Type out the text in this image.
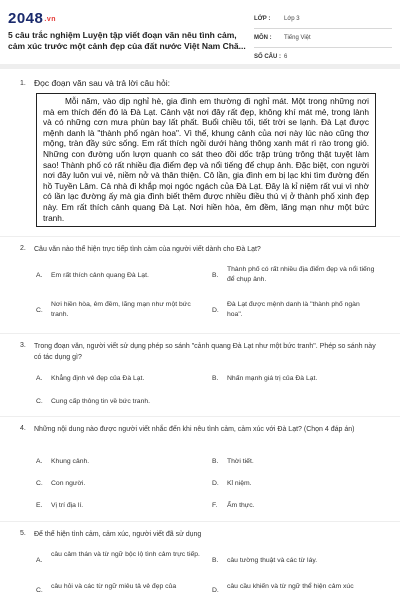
2048.vn
5 câu trắc nghiệm Luyện tập viết đoạn văn nêu tình cảm, cảm xúc trước một cảnh đẹp của đất nước Việt Nam Chă...
LỚP : Lớp 3
MÔN : Tiếng Việt
SỐ CÂU : 6
1. Đọc đoạn văn sau và trả lời câu hỏi:
Mỗi năm, vào dịp nghỉ hè, gia đình em thường đi nghỉ mát. Một trong những nơi mà em thích đến đó là Đà Lạt. Cảnh vật nơi đây rất đẹp, không khí mát mẻ, trong lành và có những cơn mưa phùn bay lất phất. Buổi chiều tối, tiết trời se lạnh. Đà Lạt được mệnh danh là "thành phố ngàn hoa". Vì thế, khung cảnh của nơi này lúc nào cũng thơ mộng, tràn đầy sức sống. Em rất thích ngồi dưới hàng thông xanh mát rì rào trong gió. Những con đường uốn lượn quanh co sát theo đồi dốc trập trùng trông thật tuyệt làm sao! Thành phố có rất nhiều địa điểm đẹp và nổi tiếng để chụp ảnh. Đặc biệt, con người nơi đây luôn vui vẻ, niềm nở và thân thiện. Cô lần, gia đình em bị lạc khi tìm đường đến hồ Tuyền Lâm. Cả nhà đi khắp mọi ngóc ngách của Đà Lạt. Đây là kỉ niệm rất vui vì nhờ có lần lạc đường ấy mà gia đình biết thêm được nhiều điều thú vị ở thành phố xinh đẹp này. Em rất thích cảnh quang Đà Lạt. Nơi hiền hòa, êm đềm, lãng mạn như một bức tranh.
2. Câu văn nào thể hiện trực tiếp tình cảm của người viết dành cho Đà Lạt?
A. Em rất thích cảnh quang Đà Lạt.	B.
Thành phố có rất nhiều địa điểm đẹp và nổi tiếng để chụp ảnh.
C.
Nơi hiền hòa, êm đềm, lãng mạn như một bức tranh.
D.
Đà Lạt được mệnh danh là "thành phố ngàn hoa".
3. Trong đoạn văn, người viết sử dụng phép so sánh "cảnh quang Đà Lạt như một bức tranh". Phép so sánh này có tác dụng gì?
A. Khẳng định vẻ đẹp của Đà Lạt.	B. Nhấn mạnh giá trị của Đà Lạt.
C. Cung cấp thông tin về bức tranh.
4. Những nội dung nào được người viết nhắc đến khi nêu tình cảm, cảm xúc với Đà Lạt? (Chọn 4 đáp án)
A. Khung cảnh.	B. Thời tiết.
C. Con người.	D. Kỉ niệm.
E. Vị trí địa lí.	F. Ẩm thực.
5. Để thể hiện tình cảm, cảm xúc, người viết đã sử dụng
A.
câu cảm thán và từ ngữ bộc lộ tình cảm trực tiếp.
B. câu tường thuật và các từ láy.
C.
câu hỏi và các từ ngữ miêu tả vẻ đẹp của
D.
câu cầu khiến và từ ngữ thể hiện cảm xúc
